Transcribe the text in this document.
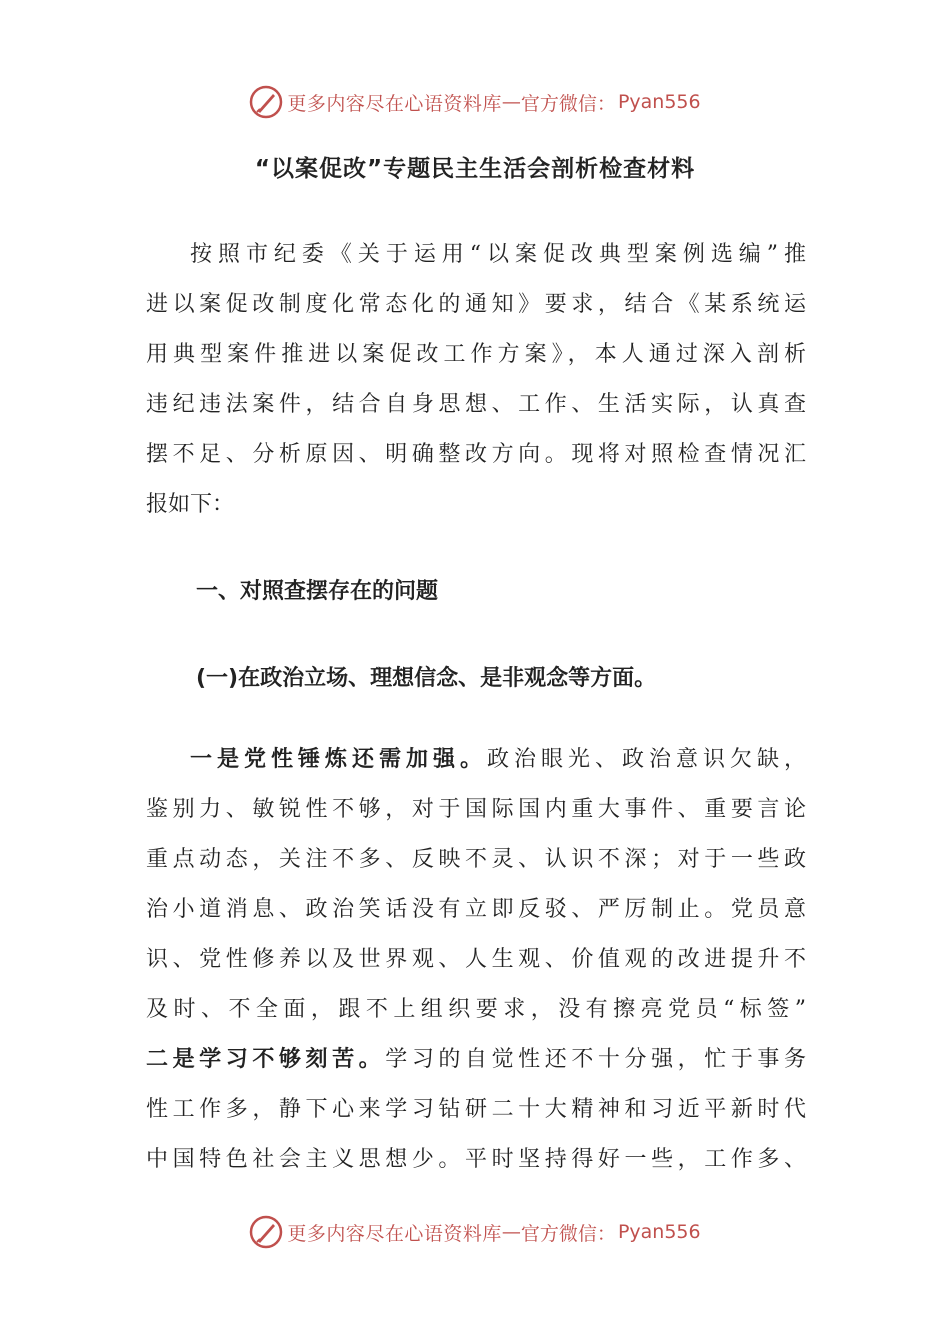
更多内容尽在心语资料库 — 官方微信： Pyan556
“以案促改”专题民主生活会剖析检查材料
按照市纪委《关于运用“以案促改典型案例选编”推
进以案促改制度化常态化的通知》要求，结合《某系统运
用典型案件推进以案促改工作方案》，本人通过深入剖析
违纪违法案件，结合自身思想、工作、生活实际，认真查
摆不足、分析原因、明确整改方向。现将对照检查情况汇
报如下：
一、对照查摆存在的问题
(一)在政治立场、理想信念、是非观念等方面。
一是党性锤炼还需加强。政治眼光、政治意识欠缺，
鉴别力、敏锐性不够，对于国际国内重大事件、重要言论
重点动态，关注不多、反映不灵、认识不深；对于一些政
治小道消息、政治笑话没有立即反驳、严厉制止。党员意
识、党性修养以及世界观、人生观、价值观的改进提升不
及时、不全面，跟不上组织要求，没有擦亮党员“标签”
二是学习不够刻苦。学习的自觉性还不十分强，忙于事务
性工作多，静下心来学习钻研二十大精神和习近平新时代
中国特色社会主义思想少。平时坚持得好一些，工作多、
更多内容尽在心语资料库 — 官方微信： Pyan556
